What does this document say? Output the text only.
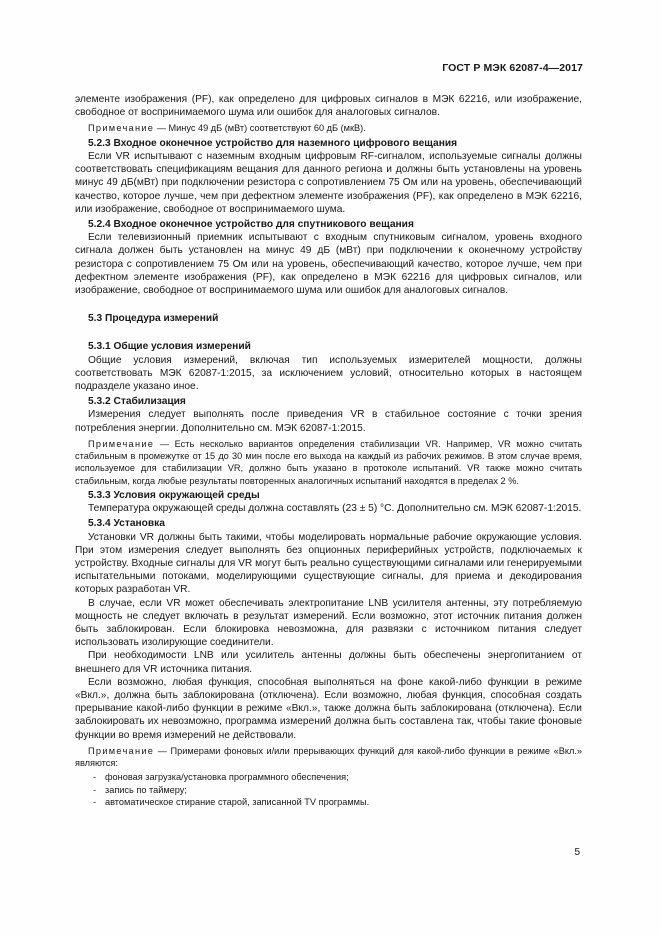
ГОСТ Р МЭК 62087-4—2017

элементе изображения (PF), как определено для цифровых сигналов в МЭК 62216, или изображение, свободное от воспринимаемого шума или ошибок для аналоговых сигналов.

Примечание — Минус 49 дБ (мВт) соответствуют 60 дБ (мкВ).

5.2.3 Входное оконечное устройство для наземного цифрового вещания

Если VR испытывают с наземным входным цифровым RF-сигналом, используемые сигналы должны соответствовать спецификациям вещания для данного региона и должны быть установлены на уровень минус 49 дБ(мВт) при подключении резистора с сопротивлением 75 Ом или на уровень, обеспечивающий качество, которое лучше, чем при дефектном элементе изображения (PF), как определено в МЭК 62216, или изображение, свободное от воспринимаемого шума.

5.2.4 Входное оконечное устройство для спутникового вещания

Если телевизионный приемник испытывают с входным спутниковым сигналом, уровень входного сигнала должен быть установлен на минус 49 дБ (мВт) при подключении к оконечному устройству резистора с сопротивлением 75 Ом или на уровень, обеспечивающий качество, которое лучше, чем при дефектном элементе изображения (PF), как определено в МЭК 62216 для цифровых сигналов, или изображение, свободное от воспринимаемого шума или ошибок для аналоговых сигналов.

5.3 Процедура измерений
5.3.1 Общие условия измерений

Общие условия измерений, включая тип используемых измерителей мощности, должны соответствовать МЭК 62087-1:2015, за исключением условий, относительно которых в настоящем подразделе указано иное.

5.3.2 Стабилизация

Измерения следует выполнять после приведения VR в стабильное состояние с точки зрения потребления энергии. Дополнительно см. МЭК 62087-1:2015.

Примечание — Есть несколько вариантов определения стабилизации VR. Например, VR можно считать стабильным в промежутке от 15 до 30 мин после его выхода на каждый из рабочих режимов. В этом случае время, используемое для стабилизации VR, должно быть указано в протоколе испытаний. VR также можно считать стабильным, когда любые результаты повторенных аналогичных испытаний находятся в пределах 2 %.

5.3.3 Условия окружающей среды

Температура окружающей среды должна составлять (23 ± 5) °C. Дополнительно см. МЭК 62087-1:2015.

5.3.4 Установка

Установки VR должны быть такими, чтобы моделировать нормальные рабочие окружающие условия. При этом измерения следует выполнять без опционных периферийных устройств, подключаемых к устройству. Входные сигналы для VR могут быть реально существующими сигналами или генерируемыми испытательными потоками, моделирующими существующие сигналы, для приема и декодирования которых разработан VR.

В случае, если VR может обеспечивать электропитание LNB усилителя антенны, эту потребляемую мощность не следует включать в результат измерений. Если возможно, этот источник питания должен быть заблокирован. Если блокировка невозможна, для развязки с источником питания следует использовать изолирующие соединители.

При необходимости LNB или усилитель антенны должны быть обеспечены энергопитанием от внешнего для VR источника питания.

Если возможно, любая функция, способная выполняться на фоне какой-либо функции в режиме «Вкл.», должна быть заблокирована (отключена). Если возможно, любая функция, способная создать прерывание какой-либо функции в режиме «Вкл.», также должна быть заблокирована (отключена). Если заблокировать их невозможно, программа измерений должна быть составлена так, чтобы такие фоновые функции во время измерений не действовали.

Примечание — Примерами фоновых и/или прерывающих функций для какой-либо функции в режиме «Вкл.» являются:

- фоновая загрузка/установка программного обеспечения;
- запись по таймеру;
- автоматическое стирание старой, записанной TV программы.
5
